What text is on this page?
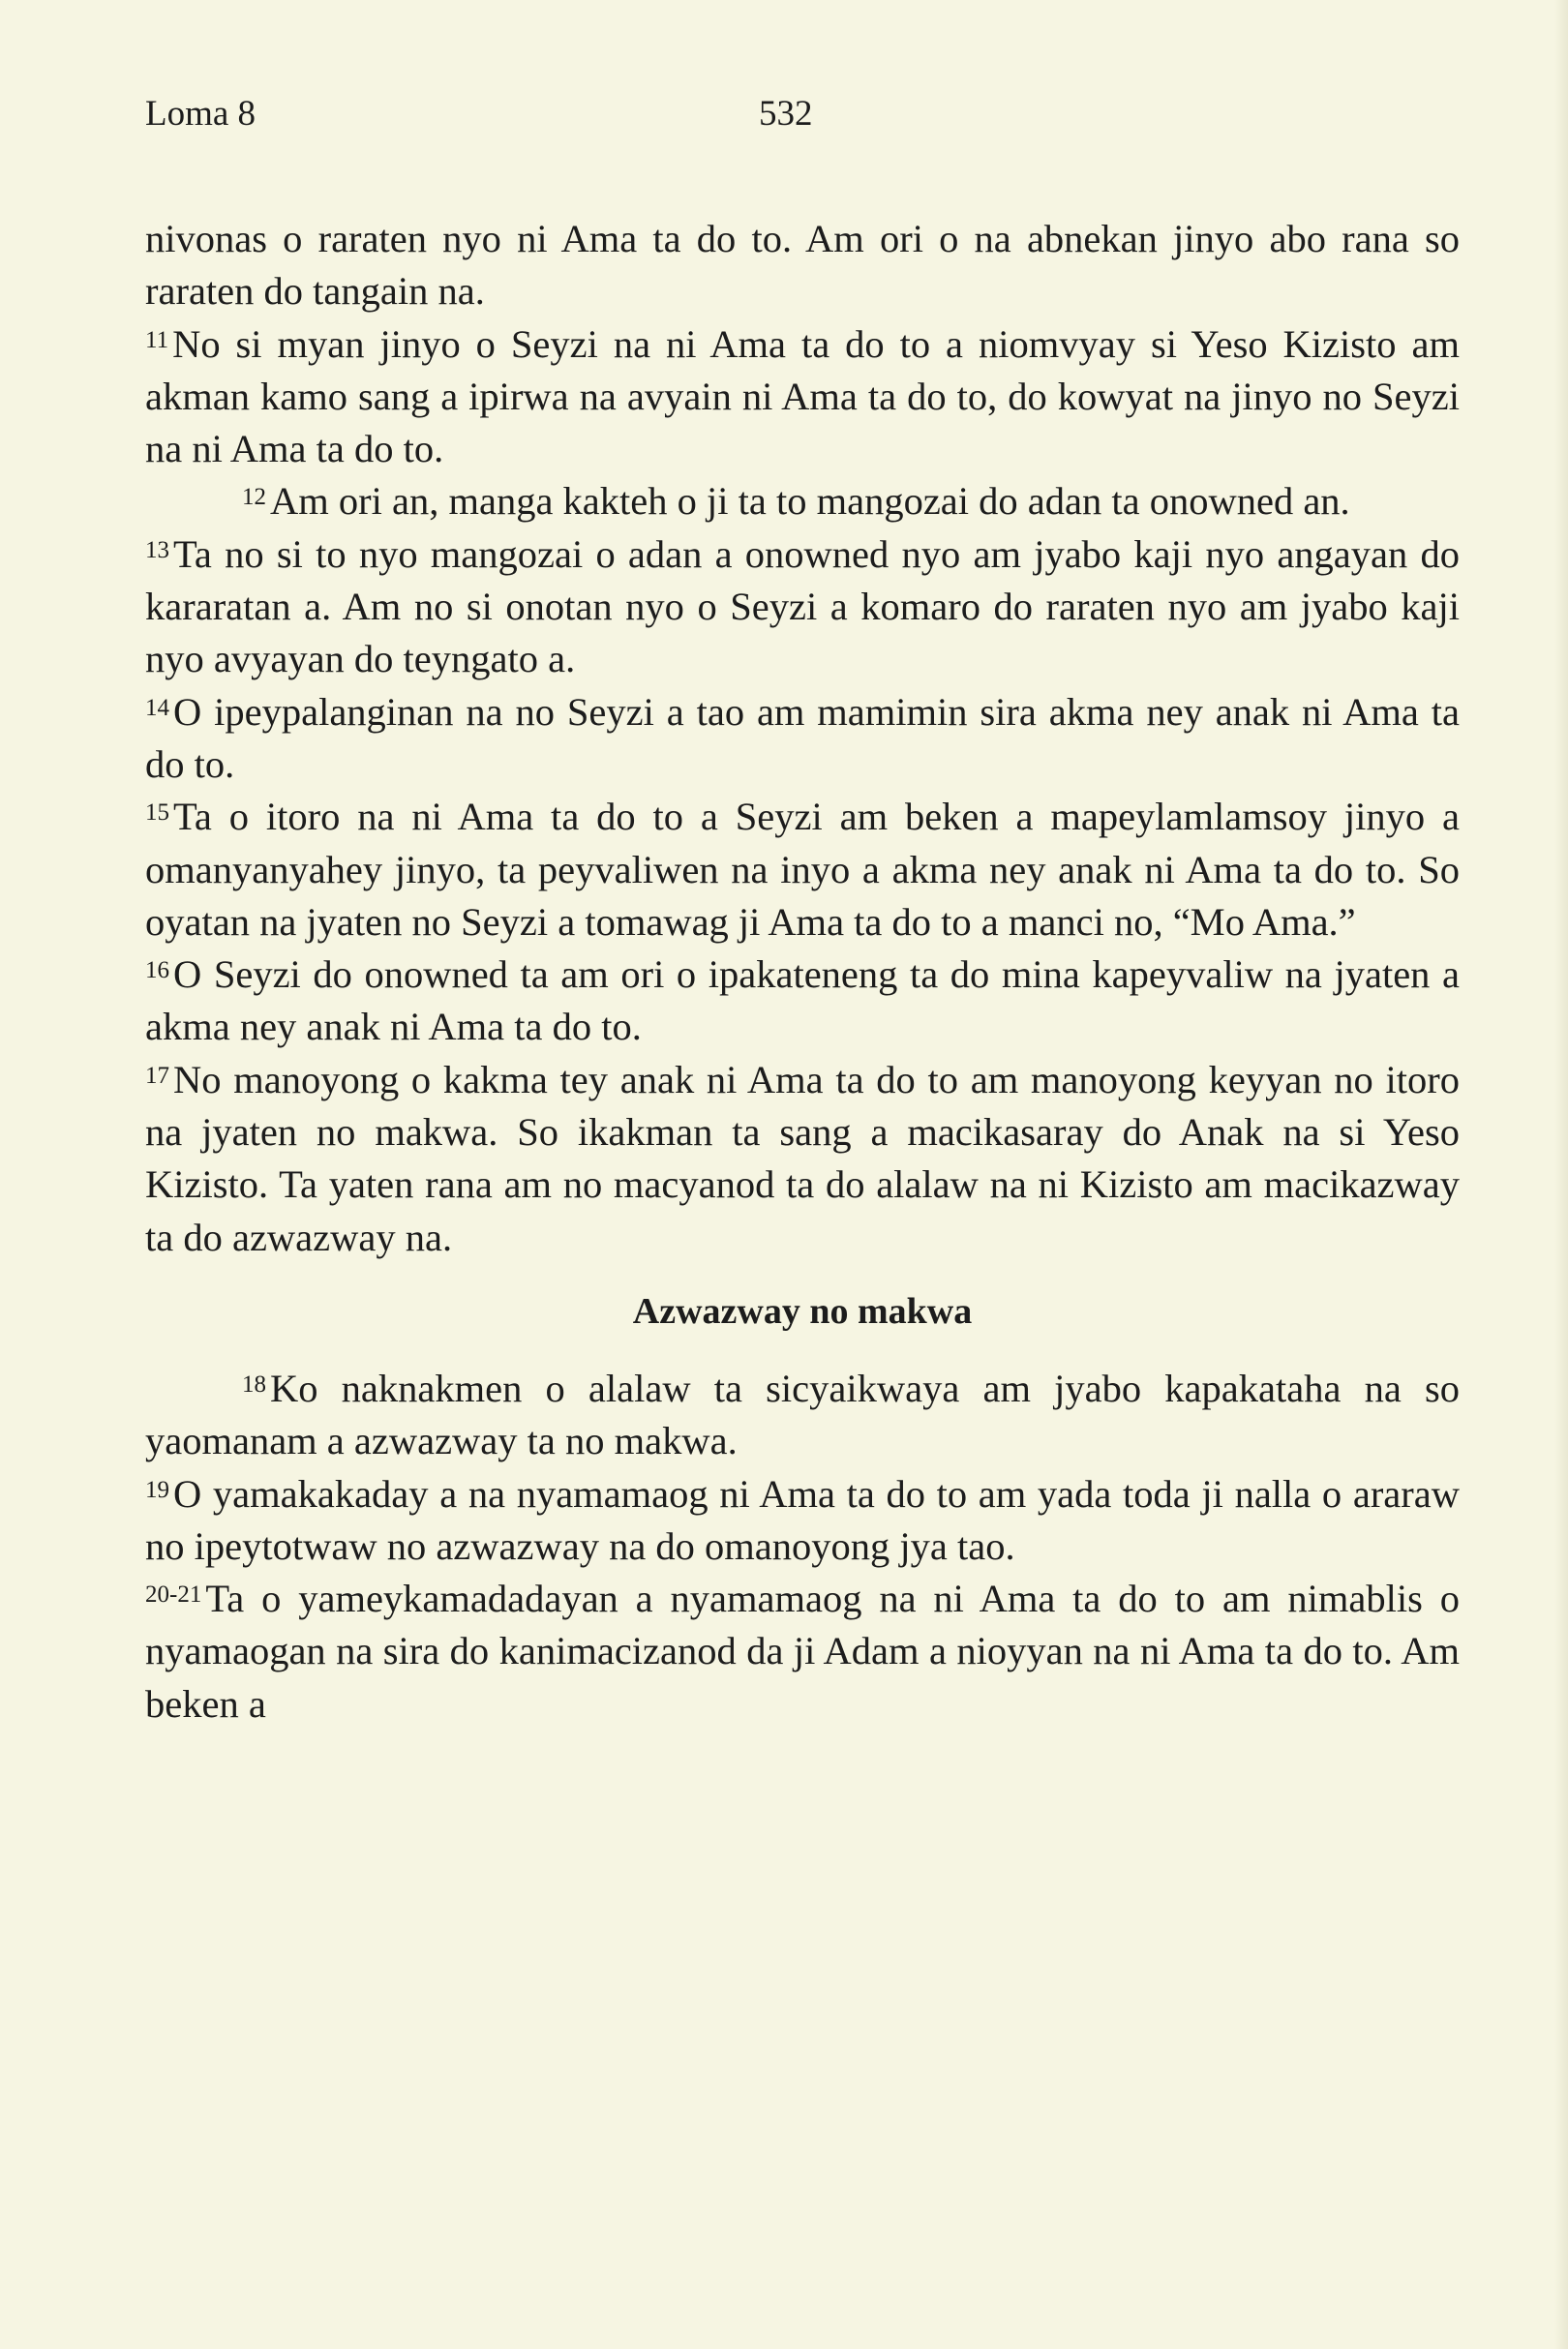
Loma 8	532

nivonas o raraten nyo ni Ama ta do to. Am ori o na abnekan jinyo abo rana so raraten do tangain na.

$^{11}$No si myan jinyo o Seyzi na ni Ama ta do to a niomvyay si Yeso Kizisto am akman kamo sang a ipirwa na avyain ni Ama ta do to, do kowyat na jinyo no Seyzi na ni Ama ta do to.

$^{12}$Am ori an, manga kakteh o ji ta to mangozai do adan ta onowned an.

$^{13}$Ta no si to nyo mangozai o adan a onowned nyo am jyabo kaji nyo angayan do kararatan a. Am no si onotan nyo o Seyzi a komaro do raraten nyo am jyabo kaji nyo avyayan do teyngato a.

$^{14}$O ipeypalanginan na no Seyzi a tao am mamimin sira akma ney anak ni Ama ta do to.

$^{15}$Ta o itoro na ni Ama ta do to a Seyzi am beken a mapeylamlamsoy jinyo a omanyanyahey jinyo, ta peyvaliwen na inyo a akma ney anak ni Ama ta do to. So oyatan na jyaten no Seyzi a tomawag ji Ama ta do to a manci no, “Mo Ama.”

$^{16}$O Seyzi do onowned ta am ori o ipakateneng ta do mina kapeyvaliw na jyaten a akma ney anak ni Ama ta do to.

$^{17}$No manoyong o kakma tey anak ni Ama ta do to am manoyong keyyan no itoro na jyaten no makwa. So ikakman ta sang a macikasaray do Anak na si Yeso Kizisto. Ta yaten rana am no macyanod ta do alalaw na ni Kizisto am macikazway ta do azwazway na.

Azwazway no makwa

$^{18}$Ko naknakmen o alalaw ta sicyaikwaya am jyabo kapakataha na so yaomanam a azwazway ta no makwa.

$^{19}$O yamakakaday a na nyamamaog ni Ama ta do to am yada toda ji nalla o araraw no ipeytotwaw no azwazway na do omanoyong jya tao.

$^{20-21}$Ta o yameykamadadayan a nyamamaog na ni Ama ta do to am nimablis o nyamaogan na sira do kanimacizanod da ji Adam a nioyyan na ni Ama ta do to. Am beken a
